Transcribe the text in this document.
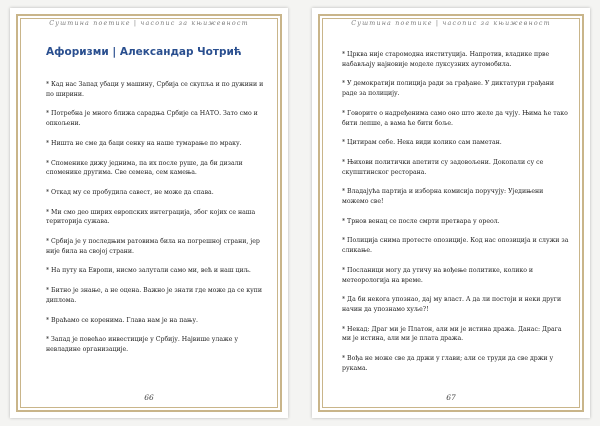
Суштина поетике | часопис за књижевност
Афоризми | Александар Чотрић

* Кад нас Запад убаци у машину, Србија се скупља и по дужини и по ширини.

* Потребна је много ближа сарадња Србије са НАТО. Зато смо и опкољени.

* Ништа не сме да баци сенку на наше тумарање по мраку.

* Споменике дижу једнима, па их после руше, да би дизали споменике другима. Све семена, сем камења.

* Откад му се пробудила савест, не може да спава.

* Ми смо део ширих европских интеграција, због којих се наша територија сужава.

* Србија је у последњим ратовима била на погрешној страни, јер није била на својој страни.

* На путу ка Европи, нисмо залутали само ми, већ и наш циљ.

* Битно је знање, а не оцена. Важно је знати где може да се купи диплома.

* Враћамо се коренима. Глава нам је на пању.

* Запад је повећао инвестиције у Србију. Највише улаже у невладине организације.

66
Суштина поетике | часопис за књижевност

* Црква није старомодна институција. Напротив, владике прве набављају најновије моделе луксузних аутомобила.

* У демократији полиција ради за грађане. У диктатури грађани раде за полицију.

* Говорите о надређенима само оно што желе да чују. Њима ће тако бити лепше, а вама ће бити боље.

* Цитирам себе. Нека види колико сам паметан.

* Њихови политички апетити су задовољени. Докопали су се скупштинског ресторана.

* Владајућа партија и изборна комисија поручују: Уједињени можемо све!

* Трнов венац се после смрти претвара у ореол.

* Полиција снима протесте опозиције. Код нас опозиција и служи за сликање.

* Посланици могу да утичу на вођење политике, колико и метеорологија на време.

* Да би некога упознао, дај му власт. А да ли постоји и неки други начин да упознамо хуље?!

* Некад: Драг ми је Платон, али ми је истина дража. Данас: Драга ми је истина, али ми је плата дража.

* Вођа не може све да држи у глави; али се труди да све држи у рукама.

67
